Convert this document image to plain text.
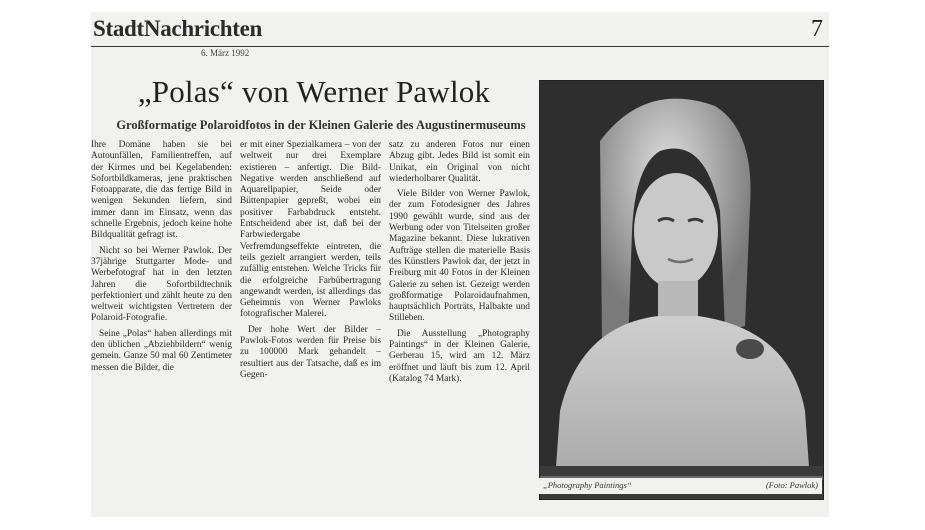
StadtNachrichten	7
6. März 1992
„Polas“ von Werner Pawlok
Großformatige Polaroidfotos in der Kleinen Galerie des Augustinermuseums

Ihre Domäne haben sie bei Autounfällen, Familientreffen, auf der Kirmes und bei Kegelabenden: Sofortbildkameras, jene praktischen Fotoapparate, die das fertige Bild in wenigen Sekunden liefern, sind immer dann im Einsatz, wenn das schnelle Ergebnis, jedoch keine hohe Bildqualität gefragt ist.

Nicht so bei Werner Pawlok. Der 37jährige Stuttgarter Mode- und Werbefotograf hat in den letzten Jahren die Sofortbildtechnik perfektioniert und zählt heute zu den weltweit wichtigsten Vertretern der Polaroid-Fotografie.

Seine „Polas“ haben allerdings mit den üblichen „Abziehbildern“ wenig gemein. Ganze 50 mal 60 Zentimeter messen die Bilder, die

er mit einer Spezialkamera – von der weltweit nur drei Exemplare existieren – anfertigt. Die Bild-Negative werden anschließend auf Aquarellpapier, Seide oder Büttenpapier gepreßt, wobei ein positiver Farbabdruck entsteht. Entscheidend aber ist, daß bei der Farbwiedergabe Verfremdungseffekte eintreten, die teils gezielt arrangiert werden, teils zufällig entstehen. Welche Tricks für die erfolgreiche Farbübertragung angewandt werden, ist allerdings das Geheimnis von Werner Pawloks fotografischer Malerei.

Der hohe Wert der Bilder – Pawlok-Fotos werden für Preise bis zu 100000 Mark gehandelt – resultiert aus der Tatsache, daß es im Gegen-

satz zu anderen Fotos nur einen Abzug gibt. Jedes Bild ist somit ein Unikat, ein Original von nicht wiederholbarer Qualität.

Viele Bilder von Werner Pawlok, der zum Fotodesigner des Jahres 1990 gewählt wurde, sind aus der Werbung oder von Titelseiten großer Magazine bekannt. Diese lukrativen Aufträge stellen die materielle Basis des Künstlers Pawlok dar, der jetzt in Freiburg mit 40 Fotos in der Kleinen Galerie zu sehen ist. Gezeigt werden großformatige Polaroidaufnahmen, hauptsächlich Porträts, Halbakte und Stilleben.

Die Ausstellung „Photography Paintings“ in der Kleinen Galerie, Gerberau 15, wird am 12. März eröffnet und läuft bis zum 12. April (Katalog 74 Mark).

„Photography Paintings“	(Foto: Pawlok)
